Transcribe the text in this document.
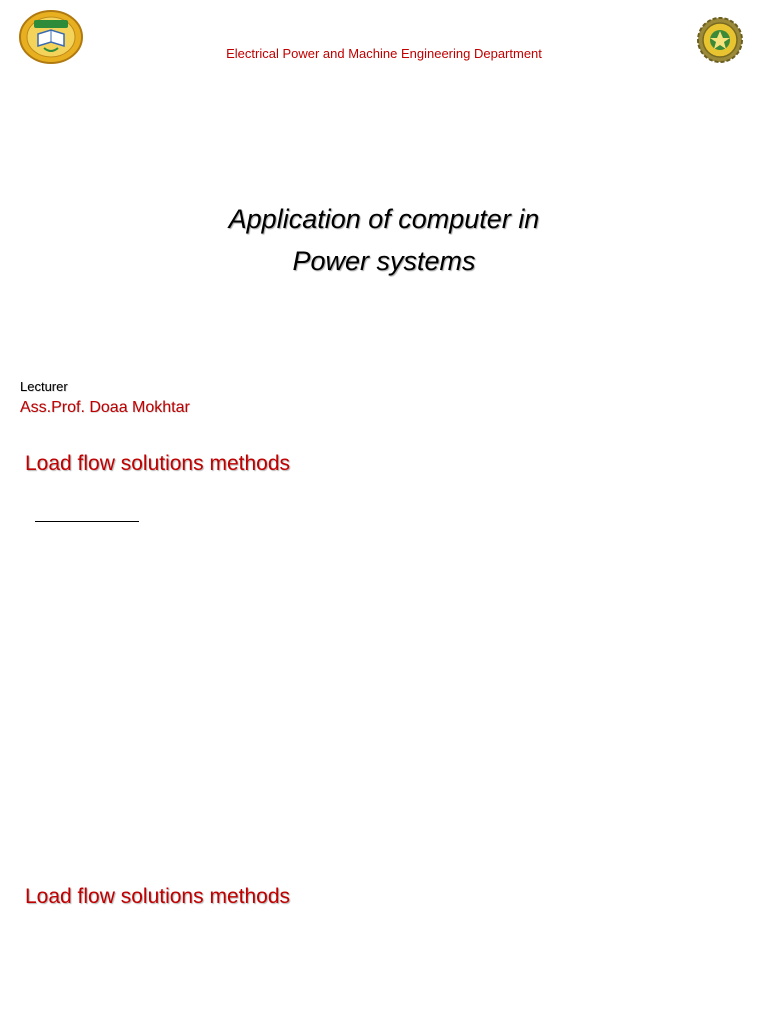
Electrical Power and Machine Engineering Department
Application of computer in
Power systems
Lecturer
Ass.Prof. Doaa Mokhtar
Load flow solutions methods
Load flow solutions methods
